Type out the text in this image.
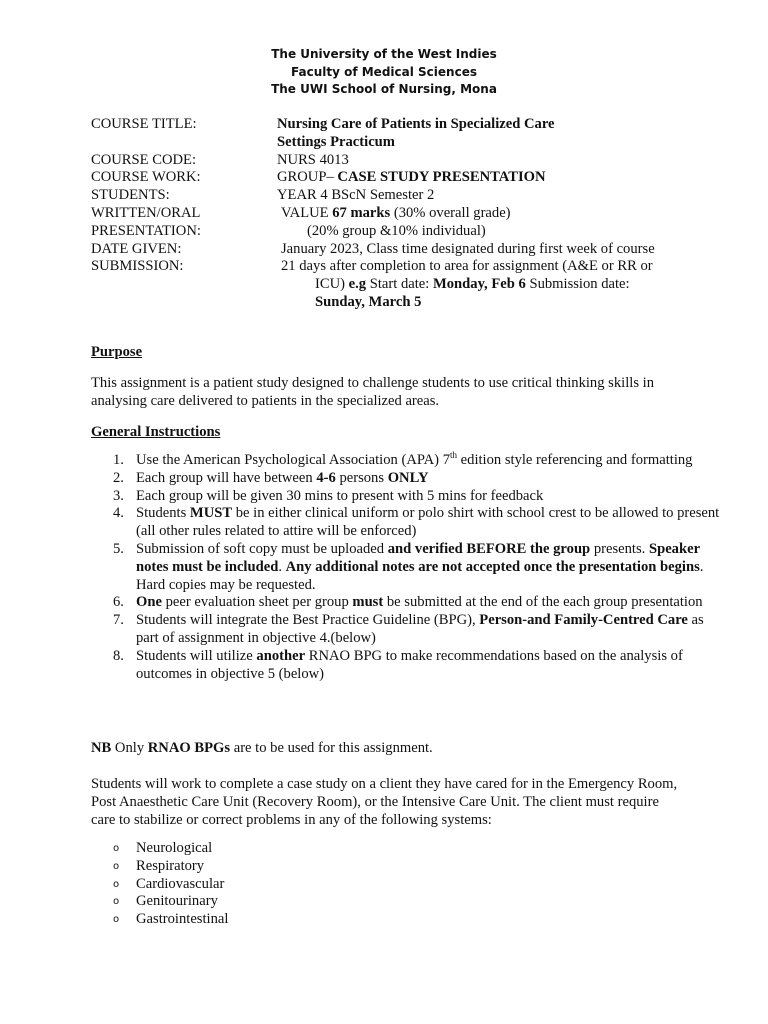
The University of the West Indies
Faculty of Medical Sciences
The UWI School of Nursing, Mona
COURSE TITLE:	Nursing Care of Patients in Specialized Care
Settings Practicum
COURSE CODE:	NURS 4013
COURSE WORK:	GROUP– CASE STUDY PRESENTATION
STUDENTS:	YEAR 4 BScN Semester 2
WRITTEN/ORAL	VALUE 67 marks (30% overall grade)
PRESENTATION:	(20% group &10% individual)
DATE GIVEN:	January 2023, Class time designated during first week of course
SUBMISSION:	21 days after completion to area for assignment (A&E or RR or
ICU) e.g Start date: Monday, Feb 6 Submission date:
Sunday, March 5
Purpose
This assignment is a patient study designed to challenge students to use critical thinking skills in analysing care delivered to patients in the specialized areas.
General Instructions
Use the American Psychological Association (APA) 7th edition style referencing and formatting
Each group will have between 4-6 persons ONLY
Each group will be given 30 mins to present with 5 mins for feedback
Students MUST be in either clinical uniform or polo shirt with school crest to be allowed to present (all other rules related to attire will be enforced)
Submission of soft copy must be uploaded and verified BEFORE the group presents. Speaker notes must be included. Any additional notes are not accepted once the presentation begins. Hard copies may be requested.
One peer evaluation sheet per group must be submitted at the end of the each group presentation
Students will integrate the Best Practice Guideline (BPG), Person-and Family-Centred Care as part of assignment in objective 4.(below)
Students will utilize another RNAO BPG to make recommendations based on the analysis of outcomes in objective 5 (below)
NB Only RNAO BPGs are to be used for this assignment.
Students will work to complete a case study on a client they have cared for in the Emergency Room, Post Anaesthetic Care Unit (Recovery Room), or the Intensive Care Unit. The client must require care to stabilize or correct problems in any of the following systems:
o Neurological
o Respiratory
o Cardiovascular
o Genitourinary
o Gastrointestinal
